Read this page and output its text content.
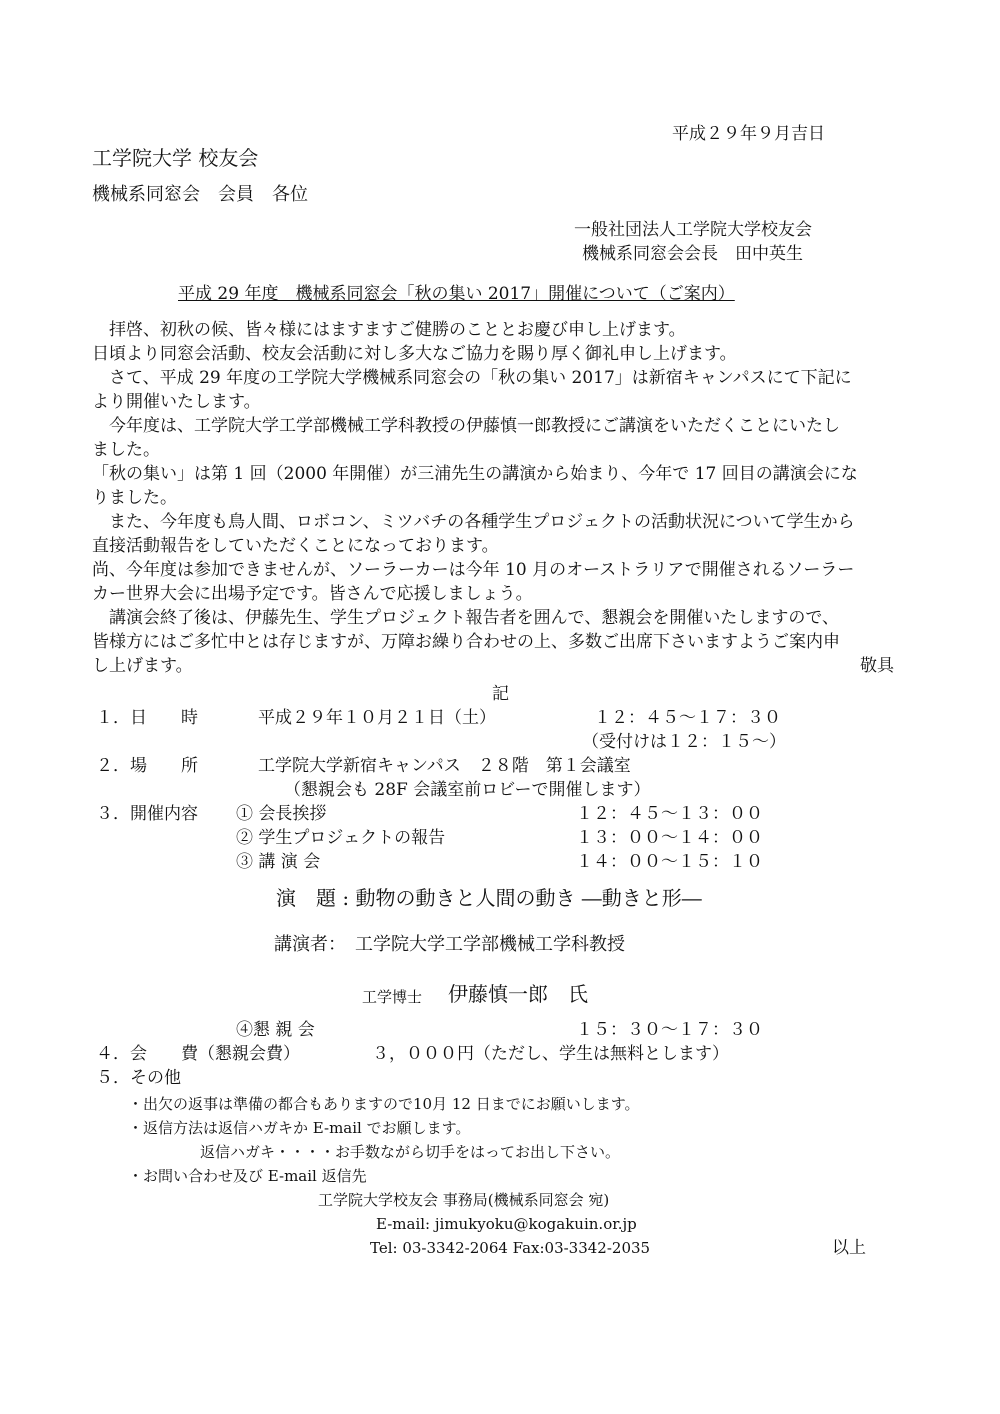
平成２９年９月吉日
工学院大学 校友会
機械系同窓会　会員　各位
一般社団法人工学院大学校友会
機械系同窓会会長　田中英生
平成 29 年度　機械系同窓会「秋の集い 2017」開催について（ご案内）
　拝啓、初秋の候、皆々様にはますますご健勝のこととお慶び申し上げます。
日頃より同窓会活動、校友会活動に対し多大なご協力を賜り厚く御礼申し上げます。
　さて、平成 29 年度の工学院大学機械系同窓会の「秋の集い 2017」は新宿キャンパスにて下記に
より開催いたします。
　今年度は、工学院大学工学部機械工学科教授の伊藤慎一郎教授にご講演をいただくことにいたし
ました。
「秋の集い」は第 1 回（2000 年開催）が三浦先生の講演から始まり、今年で 17 回目の講演会にな
りました。
　また、今年度も鳥人間、ロボコン、ミツバチの各種学生プロジェクトの活動状況について学生から
直接活動報告をしていただくことになっております。
尚、今年度は参加できませんが、ソーラーカーは今年 10 月のオーストラリアで開催されるソーラー
カー世界大会に出場予定です。皆さんで応援しましょう。
　講演会終了後は、伊藤先生、学生プロジェクト報告者を囲んで、懇親会を開催いたしますので、
皆様方にはご多忙中とは存じますが、万障お繰り合わせの上、多数ご出席下さいますようご案内申
し上げます。	敬具
記
１．日　　時	平成２９年１０月２１日（土）	１２：４５〜１７：３０
（受付けは１２：１５〜）
２．場　　所	工学院大学新宿キャンパス　２８階　第１会議室
（懇親会も 28F 会議室前ロビーで開催します）
３．開催内容 ① 会長挨拶	１２：４５〜１３：００
② 学生プロジェクトの報告	１３：００〜１４：００
③ 講 演 会	１４：００〜１５：１０
演　題 : 動物の動きと人間の動き ―動きと形―
講演者：　工学院大学工学部機械工学科教授
工学博士 伊藤慎一郎　氏
④懇 親 会	１５：３０〜１７：３０
４．会　　費（懇親会費）	３，０００円（ただし、学生は無料とします）
５．その他
・出欠の返事は準備の都合もありますので10月 12 日までにお願いします。
・返信方法は返信ハガキか E-mail でお願します。
返信ハガキ・・・・お手数ながら切手をはってお出し下さい。
・お問い合わせ及び E-mail 返信先
工学院大学校友会 事務局(機械系同窓会 宛)
E-mail: jimukyoku@kogakuin.or.jp
Tel: 03-3342-2064 Fax:03-3342-2035	以上
